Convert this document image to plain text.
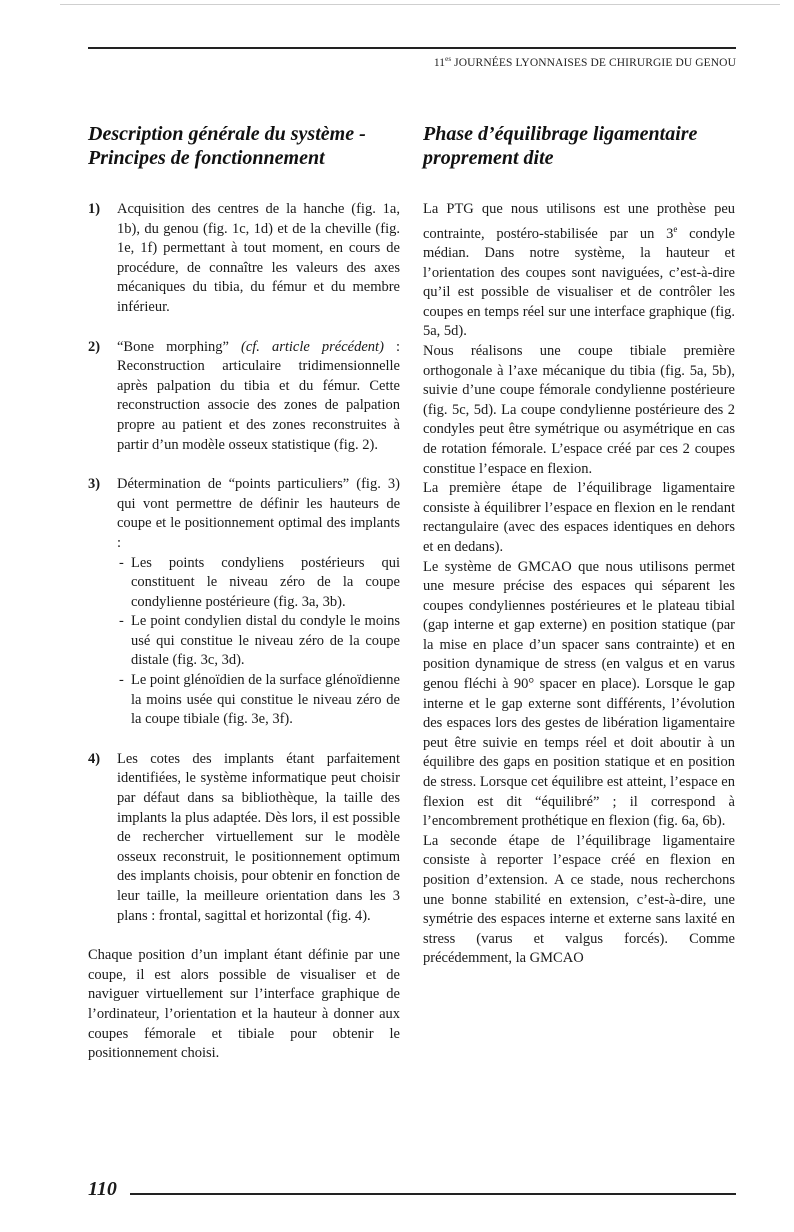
$11^{es}$ JOURNÉES LYONNAISES DE CHIRURGIE DU GENOU
Description générale du système -
Principes de fonctionnement
1) Acquisition des centres de la hanche (fig. 1a, 1b), du genou (fig. 1c, 1d) et de la cheville (fig. 1e, 1f) permettant à tout moment, en cours de procédure, de connaître les valeurs des axes mécaniques du tibia, du fémur et du membre inférieur.

2) “Bone morphing” (cf. article précédent) : Reconstruction articulaire tridimensionnelle après palpation du tibia et du fémur. Cette reconstruction associe des zones de palpation propre au patient et des zones reconstruites à partir d’un modèle osseux statistique (fig. 2).

3) Détermination de “points particuliers” (fig. 3) qui vont permettre de définir les hauteurs de coupe et le positionnement optimal des implants :

- Les points condyliens postérieurs qui constituent le niveau zéro de la coupe condylienne postérieure (fig. 3a, 3b).

- Le point condylien distal du condyle le moins usé qui constitue le niveau zéro de la coupe distale (fig. 3c, 3d).

- Le point glénoïdien de la surface glénoïdienne la moins usée qui constitue le niveau zéro de la coupe tibiale (fig. 3e, 3f).

4) Les cotes des implants étant parfaitement identifiées, le système informatique peut choisir par défaut dans sa bibliothèque, la taille des implants la plus adaptée. Dès lors, il est possible de rechercher virtuellement sur le modèle osseux reconstruit, le positionnement optimum des implants choisis, pour obtenir en fonction de leur taille, la meilleure orientation dans les 3 plans : frontal, sagittal et horizontal (fig. 4).

Chaque position d’un implant étant définie par une coupe, il est alors possible de visualiser et de naviguer virtuellement sur l’interface graphique de l’ordinateur, l’orientation et la hauteur à donner aux coupes fémorale et tibiale pour obtenir le positionnement choisi.

Phase d’équilibrage ligamentaire
proprement dite

La PTG que nous utilisons est une prothèse peu contrainte, postéro-stabilisée par un 3e condyle médian. Dans notre système, la hauteur et l’orientation des coupes sont naviguées, c’est-à-dire qu’il est possible de visualiser et de contrôler les coupes en temps réel sur une interface graphique (fig. 5a, 5d).

Nous réalisons une coupe tibiale première orthogonale à l’axe mécanique du tibia (fig. 5a, 5b), suivie d’une coupe fémorale condylienne postérieure (fig. 5c, 5d). La coupe condylienne postérieure des 2 condyles peut être symétrique ou asymétrique en cas de rotation fémorale. L’espace créé par ces 2 coupes constitue l’espace en flexion.

La première étape de l’équilibrage ligamentaire consiste à équilibrer l’espace en flexion en le rendant rectangulaire (avec des espaces identiques en dehors et en dedans).

Le système de GMCAO que nous utilisons permet une mesure précise des espaces qui séparent les coupes condyliennes postérieures et le plateau tibial (gap interne et gap externe) en position statique (par la mise en place d’un spacer sans contrainte) et en position dynamique de stress (en valgus et en varus genou fléchi à 90° spacer en place). Lorsque le gap interne et le gap externe sont différents, l’évolution des espaces lors des gestes de libération ligamentaire peut être suivie en temps réel et doit aboutir à un équilibre des gaps en position statique et en position de stress. Lorsque cet équilibre est atteint, l’espace en flexion est dit “équilibré” ; il correspond à l’encombrement prothétique en flexion (fig. 6a, 6b).

La seconde étape de l’équilibrage ligamentaire consiste à reporter l’espace créé en flexion en position d’extension. A ce stade, nous recherchons une bonne stabilité en extension, c’est-à-dire, une symétrie des espaces interne et externe sans laxité en stress (varus et valgus forcés). Comme précédemment, la GMCAO

110
